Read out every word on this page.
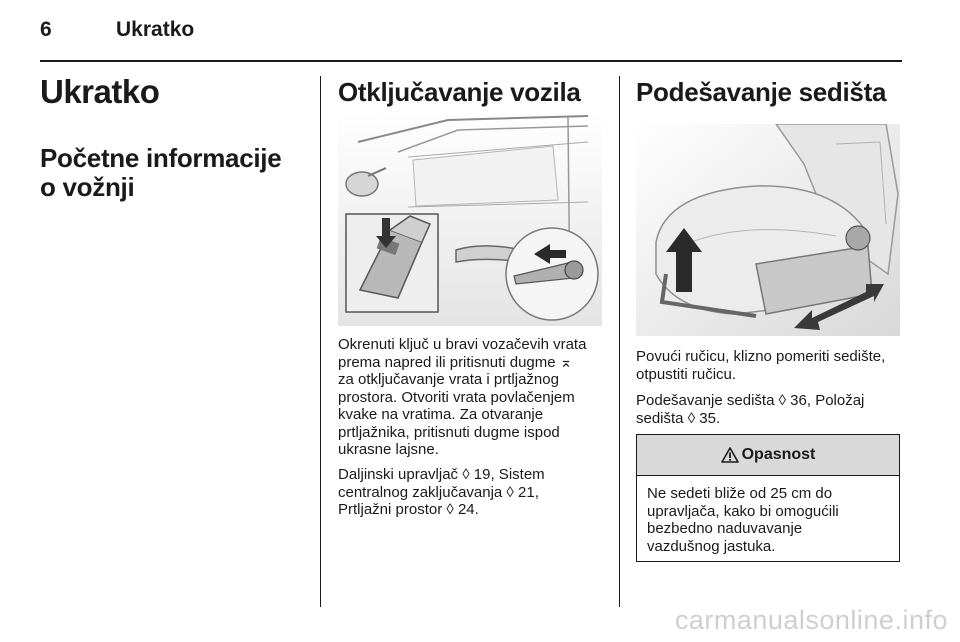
6	Ukratko
Ukratko
Početne informacije
o vožnji
Otključavanje vozila
Okrenuti ključ u bravi vozačevih vrata
prema napred ili pritisnuti dugme ⌅
za otključavanje vrata i prtljažnog
prostora. Otvoriti vrata povlačenjem
kvake na vratima. Za otvaranje
prtljažnika, pritisnuti dugme ispod
ukrasne lajsne.
Daljinski upravljač ◊ 19, Sistem
centralnog zaključavanja ◊ 21,
Prtljažni prostor ◊ 24.
Podešavanje sedišta
Povući ručicu, klizno pomeriti sedište,
otpustiti ručicu.
Podešavanje sedišta ◊ 36, Položaj
sedišta ◊ 35.
Opasnost
Ne sedeti bliže od 25 cm do
upravljača, kako bi omogućili
bezbedno naduvavanje
vazdušnog jastuka.
carmanualsonline.info
